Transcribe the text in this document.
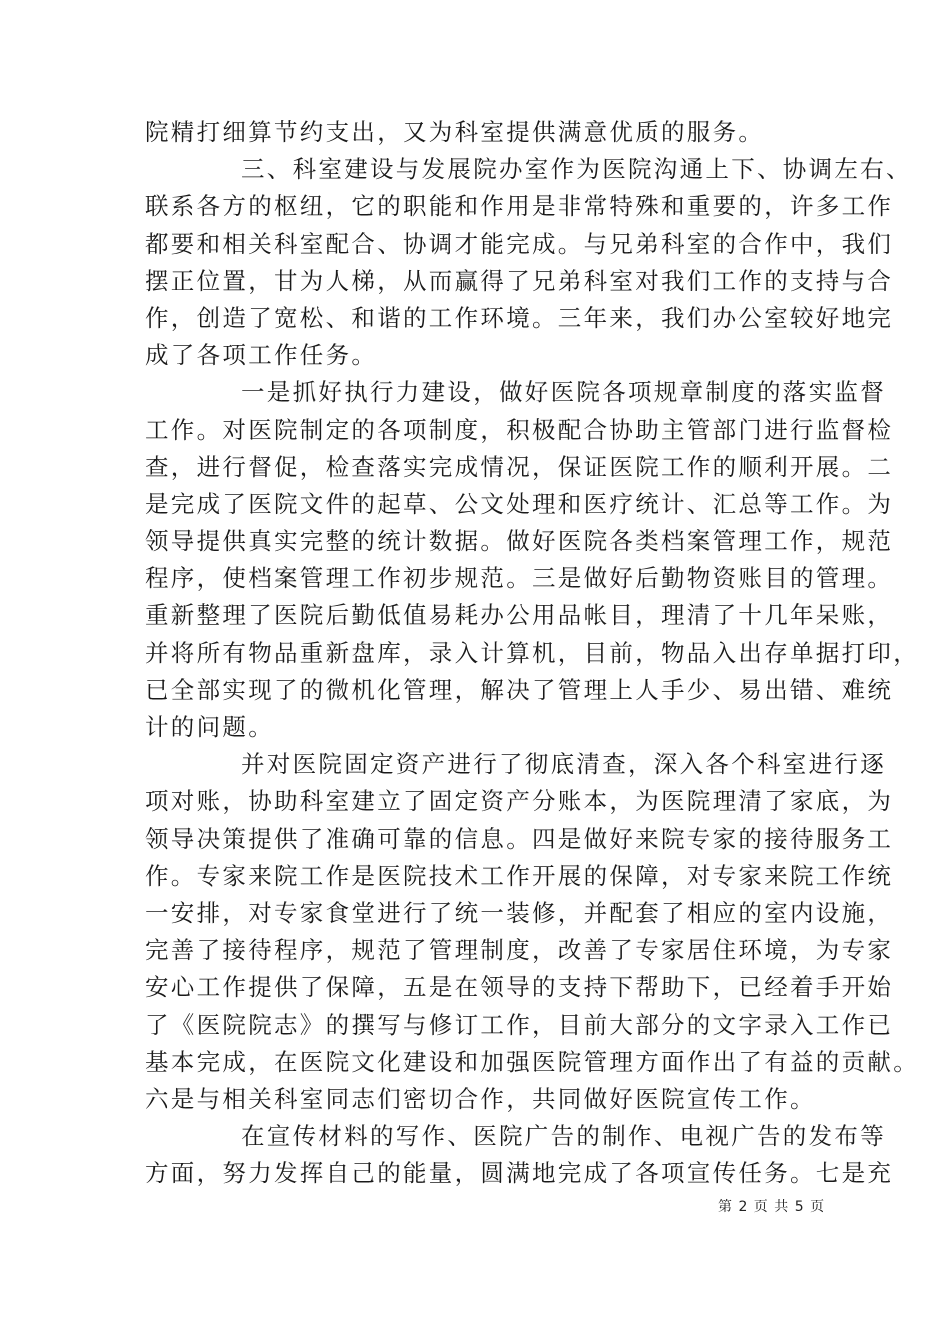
院精打细算节约支出，又为科室提供满意优质的服务。
三、科室建设与发展院办室作为医院沟通上下、协调左右、
联系各方的枢纽，它的职能和作用是非常特殊和重要的，许多工作
都要和相关科室配合、协调才能完成。与兄弟科室的合作中，我们
摆正位置，甘为人梯，从而赢得了兄弟科室对我们工作的支持与合
作，创造了宽松、和谐的工作环境。三年来，我们办公室较好地完
成了各项工作任务。
一是抓好执行力建设，做好医院各项规章制度的落实监督
工作。对医院制定的各项制度，积极配合协助主管部门进行监督检
查，进行督促，检查落实完成情况，保证医院工作的顺利开展。二
是完成了医院文件的起草、公文处理和医疗统计、汇总等工作。为
领导提供真实完整的统计数据。做好医院各类档案管理工作，规范
程序，使档案管理工作初步规范。三是做好后勤物资账目的管理。
重新整理了医院后勤低值易耗办公用品帐目，理清了十几年呆账，
并将所有物品重新盘库，录入计算机，目前，物品入出存单据打印，
已全部实现了的微机化管理，解决了管理上人手少、易出错、难统
计的问题。
并对医院固定资产进行了彻底清查，深入各个科室进行逐
项对账，协助科室建立了固定资产分账本，为医院理清了家底，为
领导决策提供了准确可靠的信息。四是做好来院专家的接待服务工
作。专家来院工作是医院技术工作开展的保障，对专家来院工作统
一安排，对专家食堂进行了统一装修，并配套了相应的室内设施，
完善了接待程序，规范了管理制度，改善了专家居住环境，为专家
安心工作提供了保障，五是在领导的支持下帮助下，已经着手开始
了《医院院志》的撰写与修订工作，目前大部分的文字录入工作已
基本完成，在医院文化建设和加强医院管理方面作出了有益的贡献。
六是与相关科室同志们密切合作，共同做好医院宣传工作。
在宣传材料的写作、医院广告的制作、电视广告的发布等
方面，努力发挥自己的能量，圆满地完成了各项宣传任务。七是充
第 2 页 共 5 页
